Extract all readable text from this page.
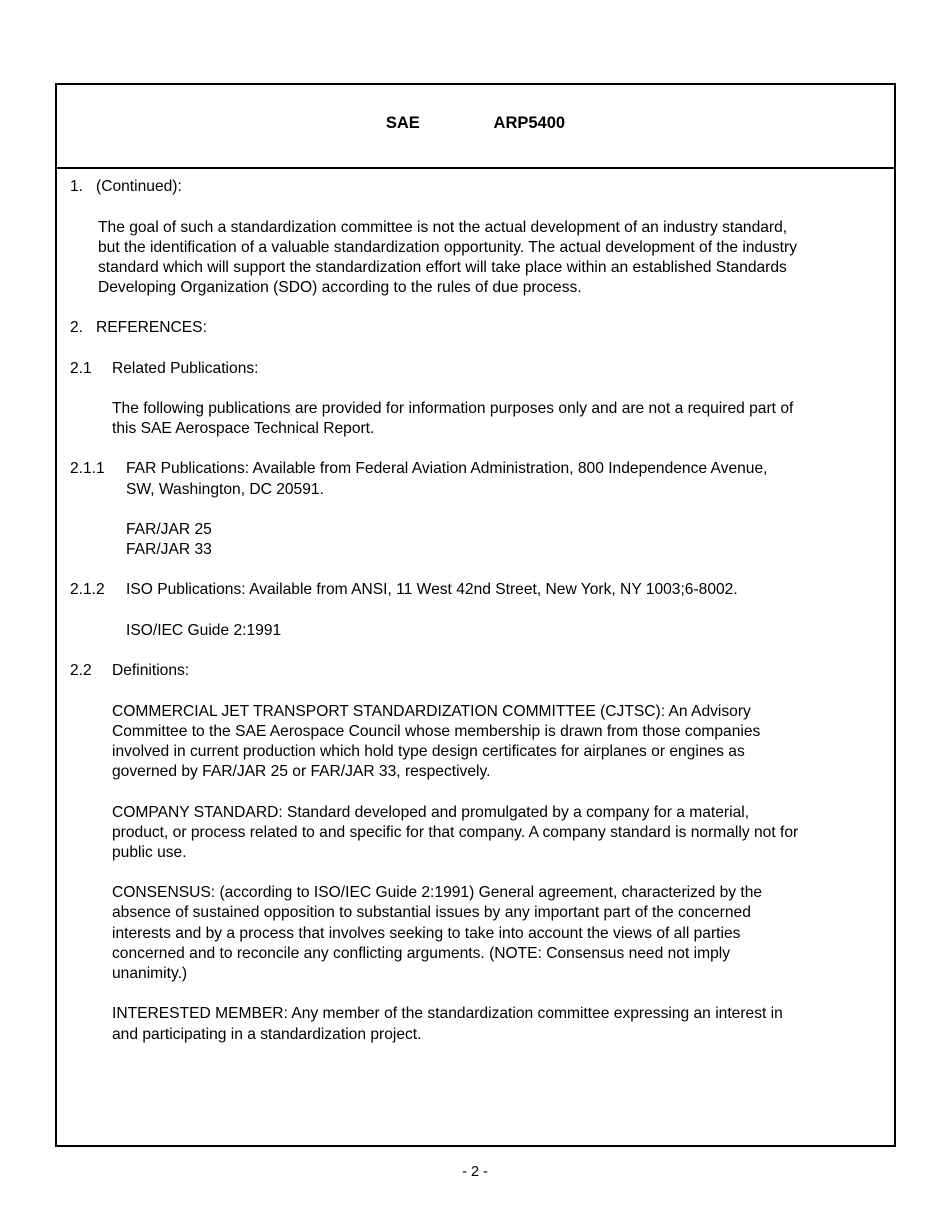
SAE    ARP5400
1.   (Continued):
The goal of such a standardization committee is not the actual development of an industry standard,
but the identification of a valuable standardization opportunity. The actual development of the industry
standard which will support the standardization effort will take place within an established Standards
Developing Organization (SDO) according to the rules of due process.
2.   REFERENCES:
2.1 Related Publications:
The following publications are provided for information purposes only and are not a required part of
this SAE Aerospace Technical Report.
2.1.1 FAR Publications: Available from Federal Aviation Administration, 800 Independence Avenue,
SW, Washington, DC 20591.
FAR/JAR 25
FAR/JAR 33
2.1.2 ISO Publications: Available from ANSI, 11 West 42nd Street, New York, NY 1003;6-8002.
ISO/IEC Guide 2:1991
2.2 Definitions:
COMMERCIAL JET TRANSPORT STANDARDIZATION COMMITTEE (CJTSC): An Advisory
Committee to the SAE Aerospace Council whose membership is drawn from those companies
involved in current production which hold type design certificates for airplanes or engines as
governed by FAR/JAR 25 or FAR/JAR 33, respectively.
COMPANY STANDARD: Standard developed and promulgated by a company for a material,
product, or process related to and specific for that company. A company standard is normally not for
public use.
CONSENSUS: (according to ISO/IEC Guide 2:1991) General agreement, characterized by the
absence of sustained opposition to substantial issues by any important part of the concerned
interests and by a process that involves seeking to take into account the views of all parties
concerned and to reconcile any conflicting arguments. (NOTE: Consensus need not imply
unanimity.)
INTERESTED MEMBER: Any member of the standardization committee expressing an interest in
and participating in a standardization project.
- 2 -
